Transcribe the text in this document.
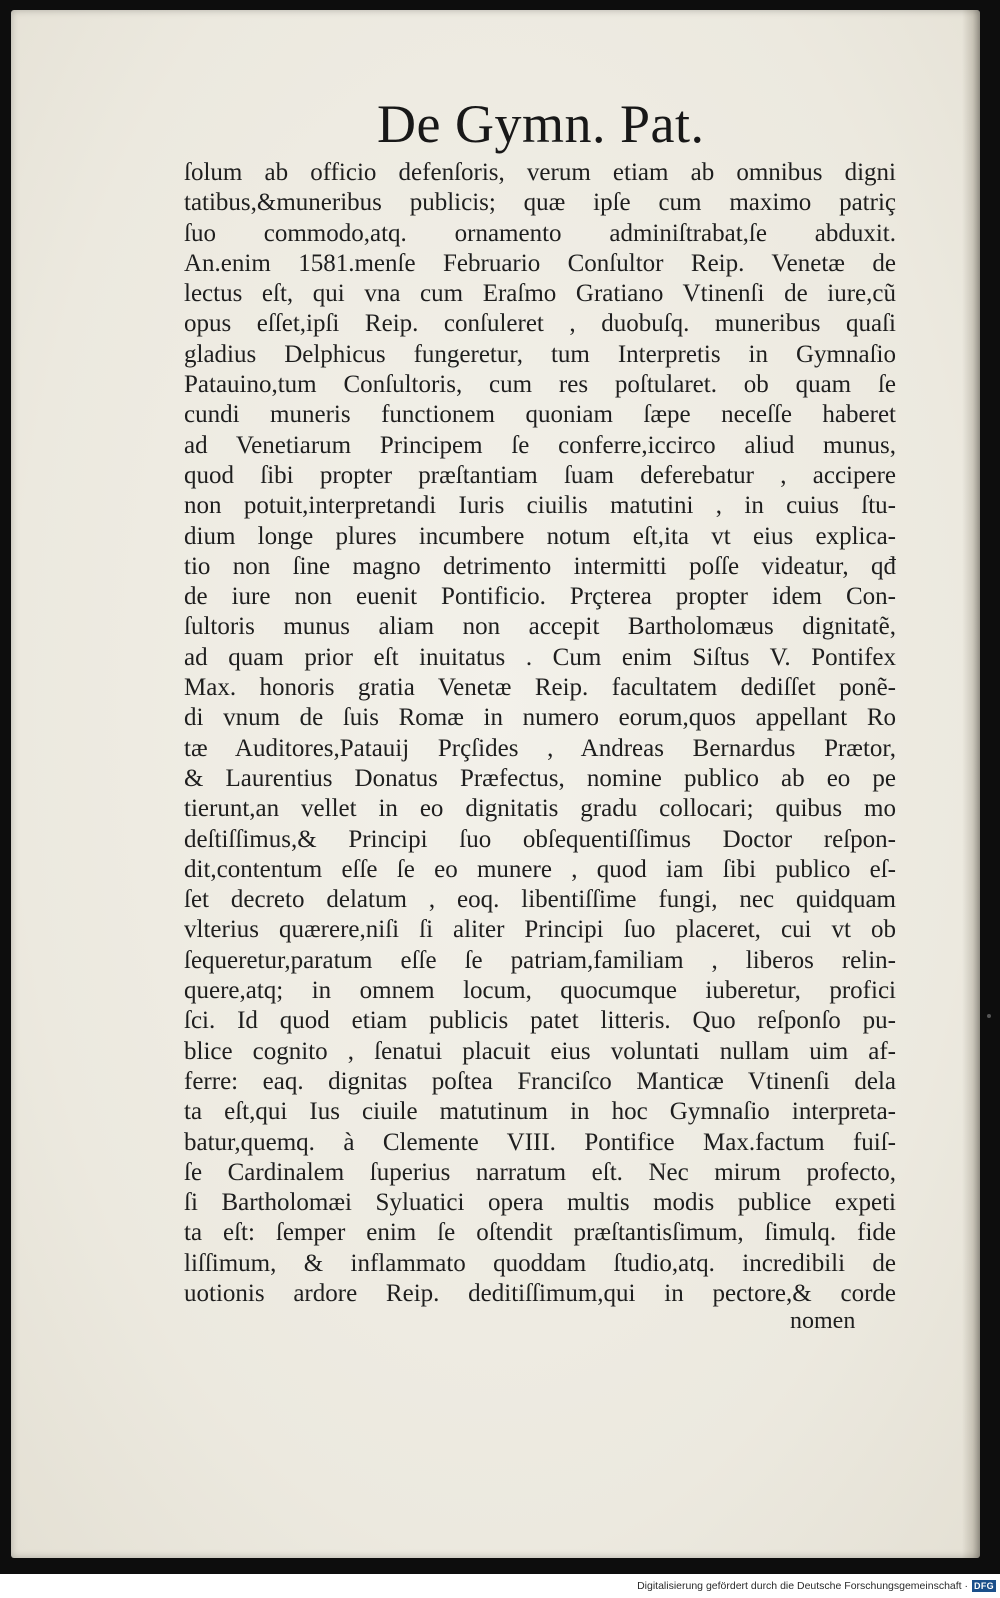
De Gymn. Pat.
ſolum ab officio defenſoris, verum etiam ab omnibus digni
tatibus,&muneribus publicis; quæ ipſe cum maximo patriç
ſuo commodo,atq. ornamento adminiſtrabat,ſe abduxit.
An.enim 1581.menſe Februario Conſultor Reip. Venetæ de
lectus eſt, qui vna cum Eraſmo Gratiano Vtinenſi de iure,cũ
opus eſſet,ipſi Reip. conſuleret , duobuſq. muneribus quaſi
gladius Delphicus fungeretur, tum Interpretis in Gymnaſio
Patauino,tum Conſultoris, cum res poſtularet. ob quam ſe
cundi muneris functionem quoniam ſæpe neceſſe haberet
ad Venetiarum Principem ſe conferre,iccirco aliud munus,
quod ſibi propter præſtantiam ſuam deferebatur , accipere
non potuit,interpretandi Iuris ciuilis matutini , in cuius ſtu-
dium longe plures incumbere notum eſt,ita vt eius explica-
tio non ſine magno detrimento intermitti poſſe videatur, qđ
de iure non euenit Pontificio. Prçterea propter idem Con-
ſultoris munus aliam non accepit Bartholomæus dignitatẽ,
ad quam prior eſt inuitatus . Cum enim Siſtus V. Pontifex
Max. honoris gratia Venetæ Reip. facultatem dediſſet ponẽ-
di vnum de ſuis Romæ in numero eorum,quos appellant Ro
tæ Auditores,Patauij Prçſides , Andreas Bernardus Prætor,
& Laurentius Donatus Præfectus, nomine publico ab eo pe
tierunt,an vellet in eo dignitatis gradu collocari; quibus mo
deſtiſſimus,& Principi ſuo obſequentiſſimus Doctor reſpon-
dit,contentum eſſe ſe eo munere , quod iam ſibi publico eſ-
ſet decreto delatum , eoq. libentiſſime fungi, nec quidquam
vlterius quærere,niſi ſi aliter Principi ſuo placeret, cui vt ob
ſequeretur,paratum eſſe ſe patriam,familiam , liberos relin-
quere,atq; in omnem locum, quocumque iuberetur, profici
ſci. Id quod etiam publicis patet litteris. Quo reſponſo pu-
blice cognito , ſenatui placuit eius voluntati nullam uim af-
ferre: eaq. dignitas poſtea Franciſco Manticæ Vtinenſi dela
ta eſt,qui Ius ciuile matutinum in hoc Gymnaſio interpreta-
batur,quemq. à Clemente VIII. Pontifice Max.factum fuiſ-
ſe Cardinalem ſuperius narratum eſt. Nec mirum profecto,
ſi Bartholomæi Syluatici opera multis modis publice expeti
ta eſt: ſemper enim ſe oſtendit præſtantisſimum, ſimulq. fide
liſſimum, & inflammato quoddam ſtudio,atq. incredibili de
uotionis ardore Reip. deditiſſimum,qui in pectore,& corde
nomen
Digitalisierung gefördert durch die Deutsche Forschungsgemeinschaft · DFG
